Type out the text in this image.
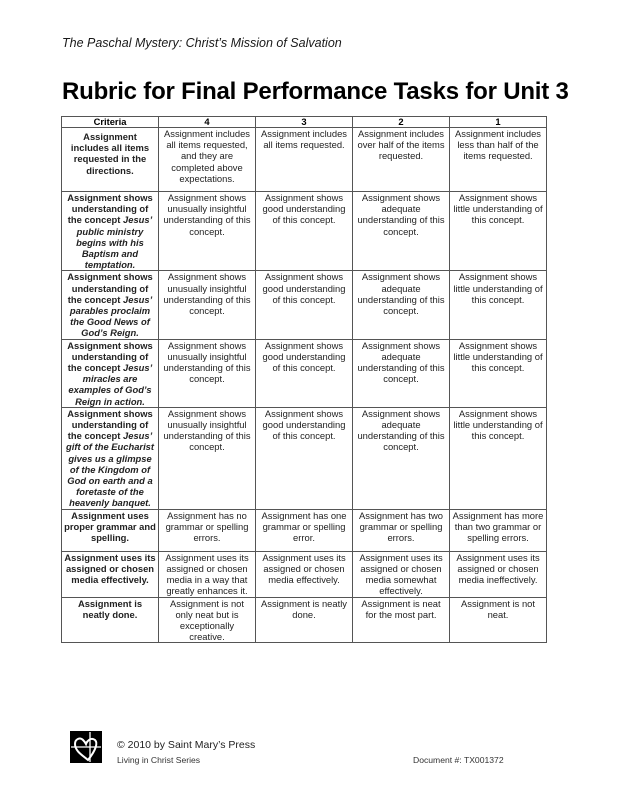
The Paschal Mystery: Christ’s Mission of Salvation
Rubric for Final Performance Tasks for Unit 3
Criteria	4	3	2	1
Assignment includes all items requested in the directions.	Assignment includes all items requested, and they are completed above expectations.	Assignment includes all items requested.	Assignment includes over half of the items requested.	Assignment includes less than half of the items requested.
Assignment shows understanding of the concept Jesus’ public ministry begins with his Baptism and temptation.	Assignment shows unusually insightful understanding of this concept.	Assignment shows good understanding of this concept.	Assignment shows adequate understanding of this concept.	Assignment shows little understanding of this concept.
Assignment shows understanding of the concept Jesus’ parables proclaim the Good News of God’s Reign.	Assignment shows unusually insightful understanding of this concept.	Assignment shows good understanding of this concept.	Assignment shows adequate understanding of this concept.	Assignment shows little understanding of this concept.
Assignment shows understanding of the concept Jesus’ miracles are examples of God’s Reign in action.	Assignment shows unusually insightful understanding of this concept.	Assignment shows good understanding of this concept.	Assignment shows adequate understanding of this concept.	Assignment shows little understanding of this concept.
Assignment shows understanding of the concept Jesus’ gift of the Eucharist gives us a glimpse of the Kingdom of God on earth and a foretaste of the heavenly banquet.	Assignment shows unusually insightful understanding of this concept.	Assignment shows good understanding of this concept.	Assignment shows adequate understanding of this concept.	Assignment shows little understanding of this concept.
Assignment uses proper grammar and spelling.	Assignment has no grammar or spelling errors.	Assignment has one grammar or spelling error.	Assignment has two grammar or spelling errors.	Assignment has more than two grammar or spelling errors.
Assignment uses its assigned or chosen media effectively.	Assignment uses its assigned or chosen media in a way that greatly enhances it.	Assignment uses its assigned or chosen media effectively.	Assignment uses its assigned or chosen media somewhat effectively.	Assignment uses its assigned or chosen media ineffectively.
Assignment is neatly done.	Assignment is not only neat but is exceptionally creative.	Assignment is neatly done.	Assignment is neat for the most part.	Assignment is not neat.
© 2010 by Saint Mary’s Press
Living in Christ Series	Document #: TX001372
